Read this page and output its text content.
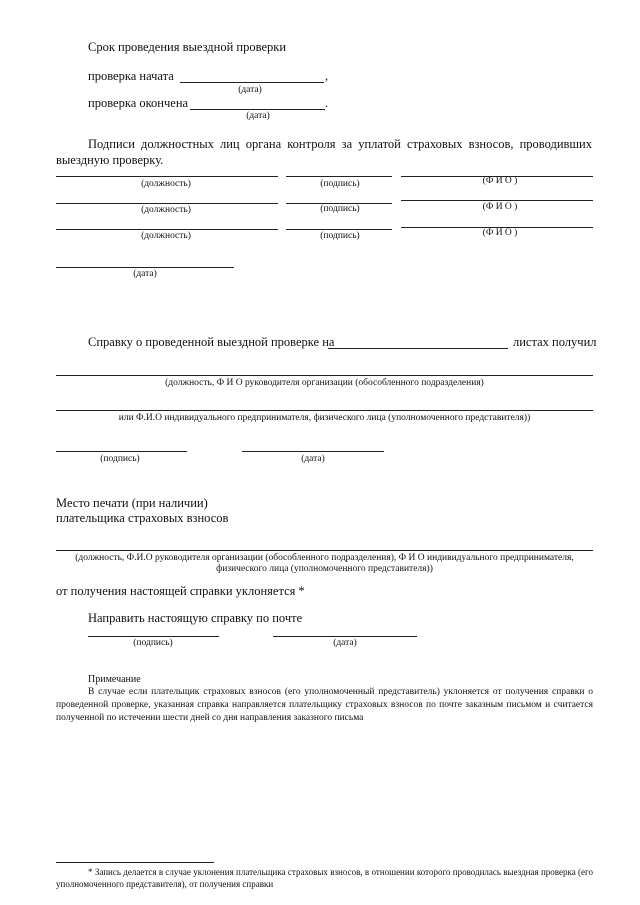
Срок проведения выездной проверки
проверка начата	,
(дата)
проверка окончена	.
(дата)
Подписи должностных лиц органа контроля за уплатой страховых взносов, проводивших выездную проверку.
(должность)	(подпись)	(Ф И О )
(должность)	(подпись)	(Ф И О )
(должность)	(подпись)	(Ф И О )
(дата)
Справку о проведенной выездной проверке на	листах получил
(должность, Ф И О руководителя организации (обособленного подразделения)
или Ф.И.О индивидуального предпринимателя, физического лица (уполномоченного представителя))
(подпись)	(дата)
Место печати (при наличии)
плательщика страховых взносов
(должность, Ф.И.О руководителя организации (обособленного подразделения), Ф И О индивидуального предпринимателя,
физического лица (уполномоченного представителя))
от получения настоящей справки уклоняется *
Направить настоящую справку по почте
(подпись)	(дата)
Примечание
В случае если плательщик страховых взносов (его уполномоченный представитель) уклоняется от получения справки о проведенной проверке, указанная справка направляется плательщику страховых взносов по почте заказным письмом и считается полученной по истечении шести дней со дня направления заказного письма
* Запись делается в случае уклонения плательщика страховых взносов, в отношении которого проводилась выездная проверка (его уполномоченного представителя), от получения справки
